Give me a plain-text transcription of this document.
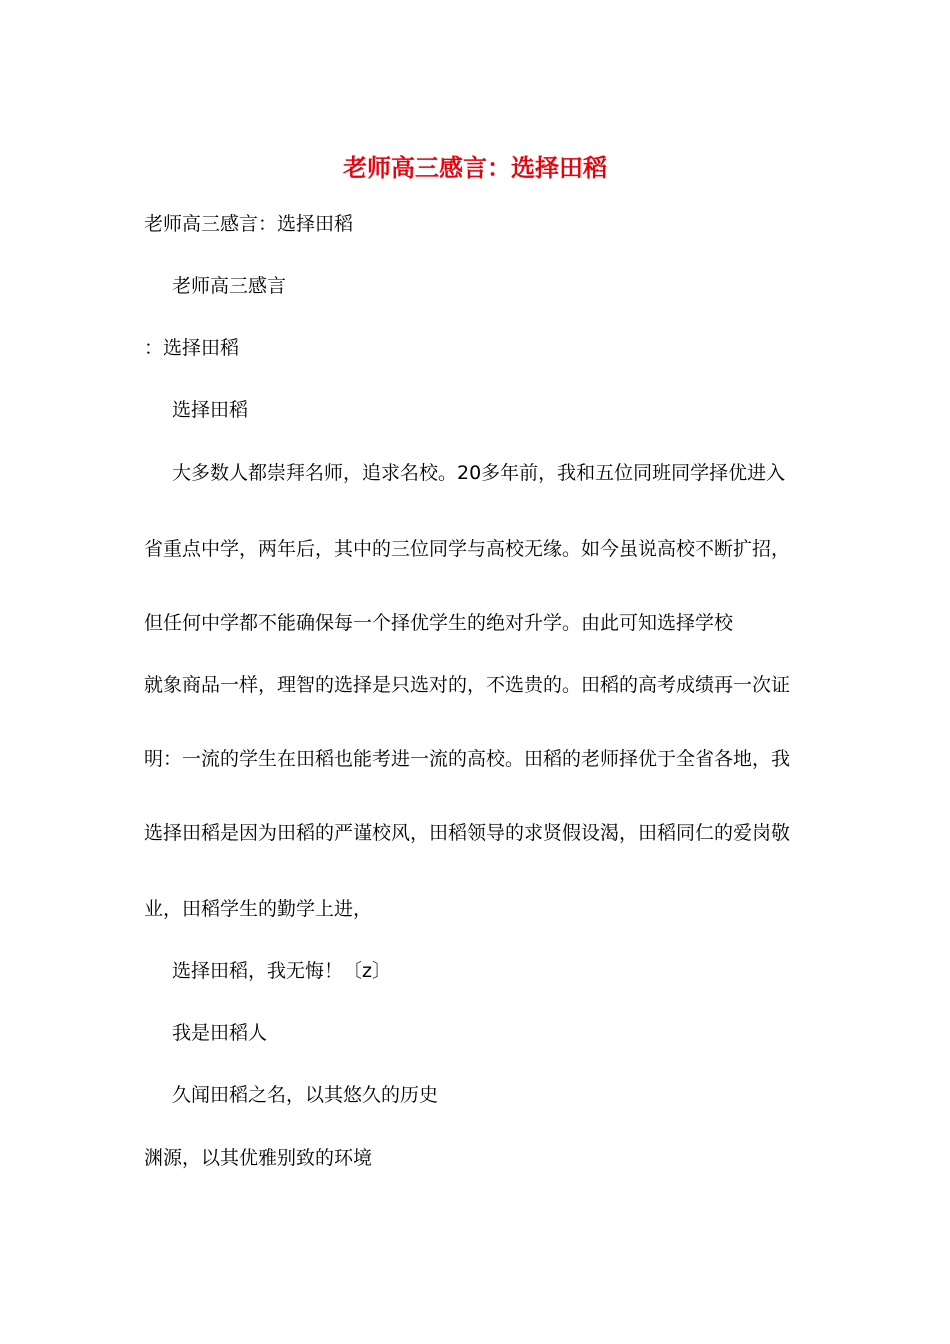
老师高三感言：选择田稻
老师高三感言：选择田稻
老师高三感言
：选择田稻
选择田稻
大多数人都崇拜名师，追求名校。20多年前，我和五位同班同学择优进入
省重点中学，两年后，其中的三位同学与高校无缘。如今虽说高校不断扩招，
但任何中学都不能确保每一个择优学生的绝对升学。由此可知选择学校
就象商品一样，理智的选择是只选对的，不选贵的。田稻的高考成绩再一次证
明：一流的学生在田稻也能考进一流的高校。田稻的老师择优于全省各地，我
选择田稻是因为田稻的严谨校风，田稻领导的求贤假设渴，田稻同仁的爱岗敬
业，田稻学生的勤学上进，
选择田稻，我无悔！〔z〕
我是田稻人
久闻田稻之名，以其悠久的历史
渊源，以其优雅别致的环境
